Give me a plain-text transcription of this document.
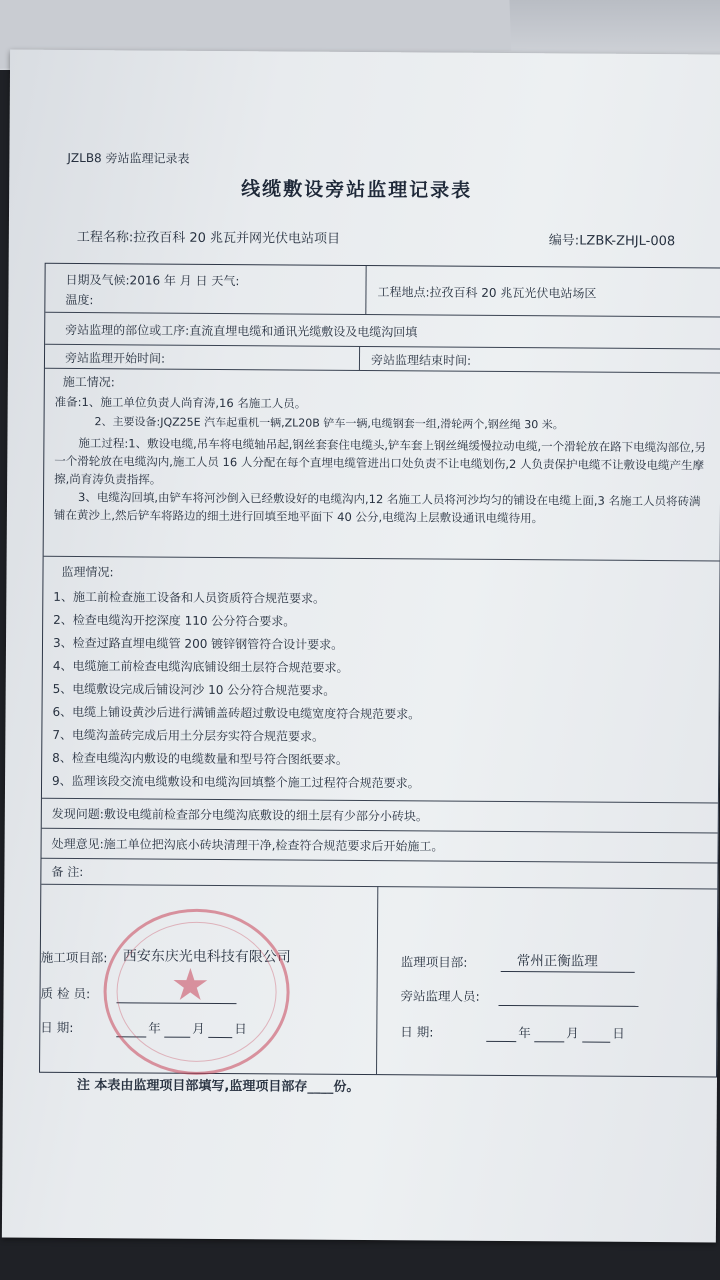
JZLB8 旁站监理记录表
线缆敷设旁站监理记录表
工程名称:拉孜百科 20 兆瓦并网光伏电站项目	编号:LZBK-ZHJL-008
日期及气候:2016 年 月 日 天气:
温度:	工程地点:拉孜百科 20 兆瓦光伏电站场区
旁站监理的部位或工序:直流直埋电缆和通讯光缆敷设及电缆沟回填
旁站监理开始时间:	旁站监理结束时间:
施工情况:
准备:1、施工单位负责人尚育涛,16 名施工人员。
2、主要设备:JQZ25E 汽车起重机一辆,ZL20B 铲车一辆,电缆钢套一组,滑轮两个,钢丝绳 30 米。
施工过程:1、敷设电缆,吊车将电缆轴吊起,钢丝套套住电缆头,铲车套上钢丝绳缓慢拉动电缆,一个滑轮放在路下电缆沟部位,另一个滑轮放在电缆沟内,施工人员 16 人分配在每个直埋电缆管进出口处负责不让电缆划伤,2 人负责保护电缆不让敷设电缆产生摩擦,尚育涛负责指挥。
3、电缆沟回填,由铲车将河沙倒入已经敷设好的电缆沟内,12 名施工人员将河沙均匀的铺设在电缆上面,3 名施工人员将砖满铺在黄沙上,然后铲车将路边的细土进行回填至地平面下 40 公分,电缆沟上层敷设通讯电缆待用。
监理情况:
1、施工前检查施工设备和人员资质符合规范要求。
2、检查电缆沟开挖深度 110 公分符合要求。
3、检查过路直埋电缆管 200 镀锌钢管符合设计要求。
4、电缆施工前检查电缆沟底铺设细土层符合规范要求。
5、电缆敷设完成后铺设河沙 10 公分符合规范要求。
6、电缆上铺设黄沙后进行满铺盖砖超过敷设电缆宽度符合规范要求。
7、电缆沟盖砖完成后用土分层夯实符合规范要求。
8、检查电缆沟内敷设的电缆数量和型号符合图纸要求。
9、监理该段交流电缆敷设和电缆沟回填整个施工过程符合规范要求。
发现问题:敷设电缆前检查部分电缆沟底敷设的细土层有少部分小砖块。
处理意见:施工单位把沟底小砖块清理干净,检查符合规范要求后开始施工。
备 注:
施工项目部: 西安东庆光电科技有限公司
质 检 员:
日 期:	年	月 日
监理项目部:	常州正衡监理
旁站监理人员:
日 期:	年	月	日
★
注 本表由监理项目部填写,监理项目部存____份。
